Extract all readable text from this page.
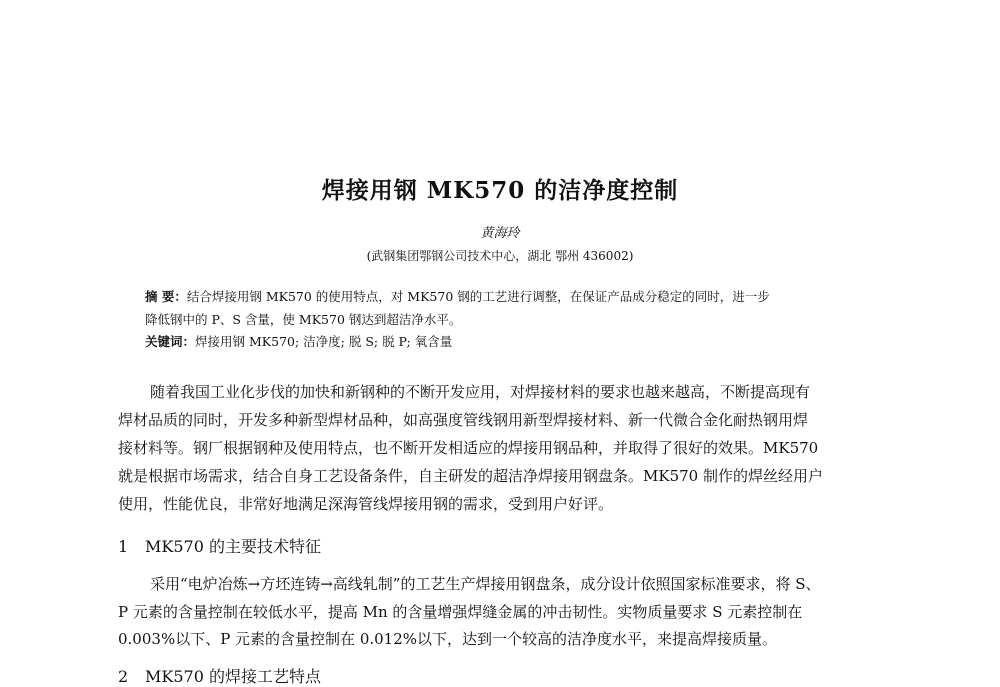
焊接用钢 MK570 的洁净度控制
黄海玲
(武钢集团鄂钢公司技术中心，湖北 鄂州 436002)
摘 要：结合焊接用钢 MK570 的使用特点，对 MK570 钢的工艺进行调整，在保证产品成分稳定的同时，进一步
降低钢中的 P、S 含量，使 MK570 钢达到超洁净水平。
关键词：焊接用钢 MK570; 洁净度; 脱 S; 脱 P; 氧含量
随着我国工业化步伐的加快和新钢种的不断开发应用，对焊接材料的要求也越来越高，不断提高现有
焊材品质的同时，开发多种新型焊材品种，如高强度管线钢用新型焊接材料、新一代微合金化耐热钢用焊
接材料等。钢厂根据钢种及使用特点，也不断开发相适应的焊接用钢品种，并取得了很好的效果。MK570
就是根据市场需求，结合自身工艺设备条件，自主研发的超洁净焊接用钢盘条。MK570 制作的焊丝经用户
使用，性能优良，非常好地满足深海管线焊接用钢的需求，受到用户好评。
1 MK570 的主要技术特征
采用“电炉冶炼→方坯连铸→高线轧制”的工艺生产焊接用钢盘条，成分设计依照国家标准要求，将 S、
P 元素的含量控制在较低水平，提高 Mn 的含量增强焊缝金属的冲击韧性。实物质量要求 S 元素控制在
0.003%以下、P 元素的含量控制在 0.012%以下，达到一个较高的洁净度水平，来提高焊接质量。
2 MK570 的焊接工艺特点
